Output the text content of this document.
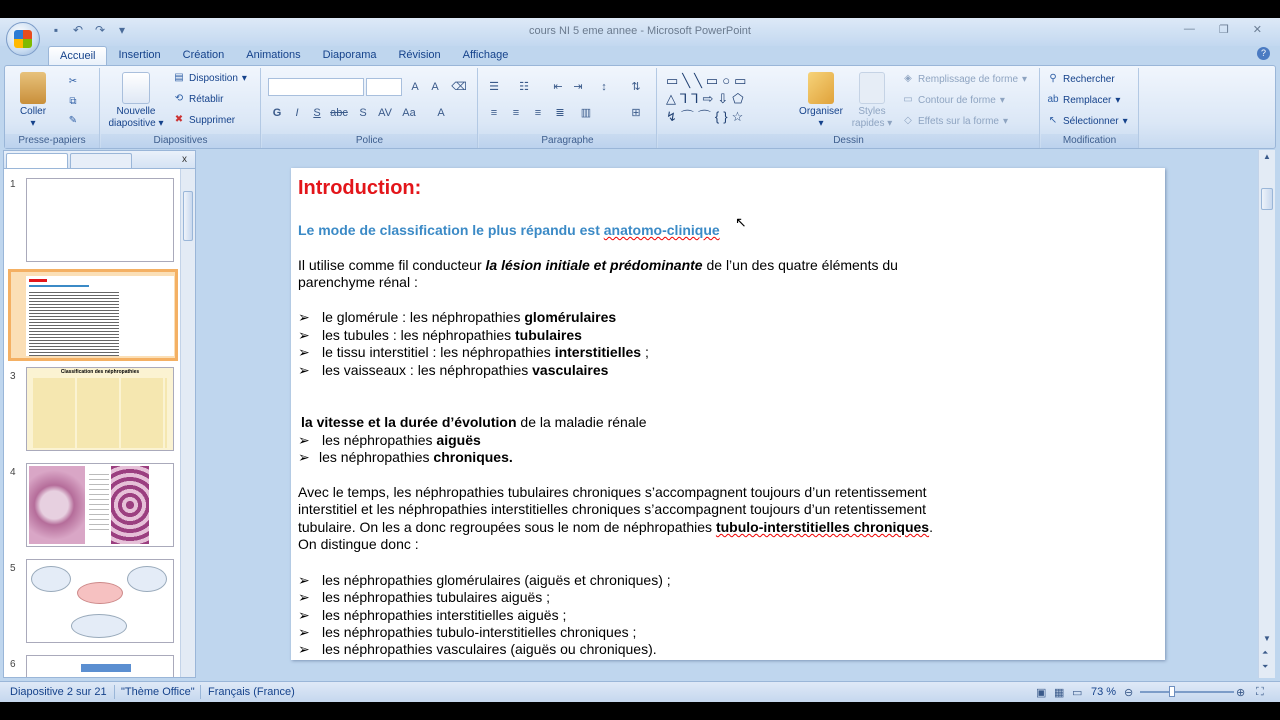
cours NI 5 eme annee - Microsoft PowerPoint
▪	↶ ↷	▾	— ❐ ✕
Accueil	Insertion	Création	Animations	Diaporama	Révision	Affichage	?
Coller
▾
✂
⧉
✎
Presse-papiers
Nouvelle
diapositive ▾
▤ Disposition ▾
⟲ Rétablir
✖ Supprimer
Diapositives
A	A	⌫
G	I	S abc	S	AV Aa	A
Police
☰	☷	⇤ ⇥	↕	⇅
≡	≡	≡	≣	▥	⊞
Paragraphe
▭╲╲▭○▭
△⅂⅂⇨⇩⬠
↯⌒⌒{}☆	Organiser
▾
Styles
rapides ▾
◈ Remplissage de forme ▾
▭ Contour de forme ▾
◇ Effets sur la forme ▾
Dessin
⚲ Rechercher
ab Remplacer ▾
↖ Sélectionner ▾
Modification
x
1
3	Classification des néphropathies
4
5
6
Introduction:
Le mode de classification le plus répandu est anatomo-clinique
Il utilise comme fil conducteur la lésion initiale et prédominante de l’un des quatre éléments du
parenchyme rénal :
➢ le glomérule : les néphropathies glomérulaires
➢ les tubules : les néphropathies tubulaires
➢ le tissu interstitiel : les néphropathies interstitielles ;
➢ les vaisseaux : les néphropathies vasculaires
la vitesse et la durée d’évolution de la maladie rénale
➢ les néphropathies aiguës
➢ les néphropathies chroniques.
Avec le temps, les néphropathies tubulaires chroniques s’accompagnent toujours d’un retentissement
interstitiel et les néphropathies interstitielles chroniques s’accompagnent toujours d’un retentissement
tubulaire. On les a donc regroupées sous le nom de néphropathies tubulo-interstitielles chroniques.
On distingue donc :
➢ les néphropathies glomérulaires (aiguës et chroniques) ;
➢ les néphropathies tubulaires aiguës ;
➢ les néphropathies interstitielles aiguës ;
➢ les néphropathies tubulo-interstitielles chroniques ;
➢ les néphropathies vasculaires (aiguës ou chroniques).
↖
▲
▼
⏶
⏷
Diapositive 2 sur 21 "Thème Office" Français (France)	▣ ▦ ▭ 73 % ⊖	⊕ ⛶
